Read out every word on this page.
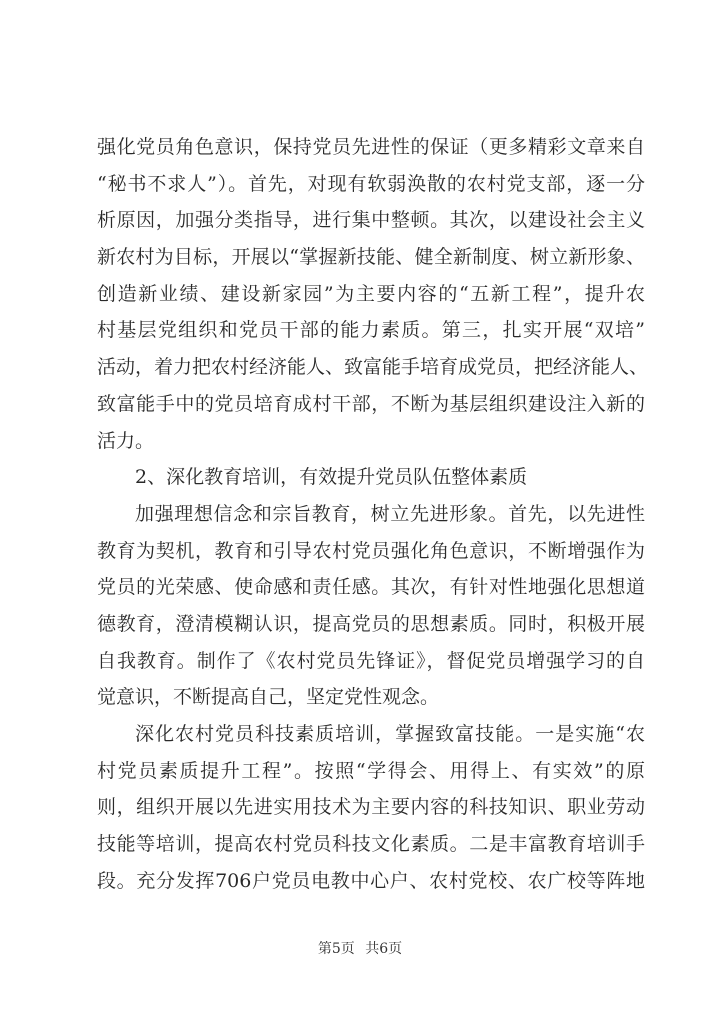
强化党员角色意识，保持党员先进性的保证（更多精彩文章来自
“秘书不求人”）。首先，对现有软弱涣散的农村党支部，逐一分
析原因，加强分类指导，进行集中整顿。其次，以建设社会主义
新农村为目标，开展以“掌握新技能、健全新制度、树立新形象、
创造新业绩、建设新家园”为主要内容的“五新工程”，提升农
村基层党组织和党员干部的能力素质。第三，扎实开展“双培”
活动，着力把农村经济能人、致富能手培育成党员，把经济能人、
致富能手中的党员培育成村干部，不断为基层组织建设注入新的
活力。
2、深化教育培训，有效提升党员队伍整体素质
加强理想信念和宗旨教育，树立先进形象。首先，以先进性
教育为契机，教育和引导农村党员强化角色意识，不断增强作为
党员的光荣感、使命感和责任感。其次，有针对性地强化思想道
德教育，澄清模糊认识，提高党员的思想素质。同时，积极开展
自我教育。制作了《农村党员先锋证》，督促党员增强学习的自
觉意识，不断提高自己，坚定党性观念。
深化农村党员科技素质培训，掌握致富技能。一是实施“农
村党员素质提升工程”。按照“学得会、用得上、有实效”的原
则，组织开展以先进实用技术为主要内容的科技知识、职业劳动
技能等培训，提高农村党员科技文化素质。二是丰富教育培训手
段。充分发挥706户党员电教中心户、农村党校、农广校等阵地
第5页 共6页
